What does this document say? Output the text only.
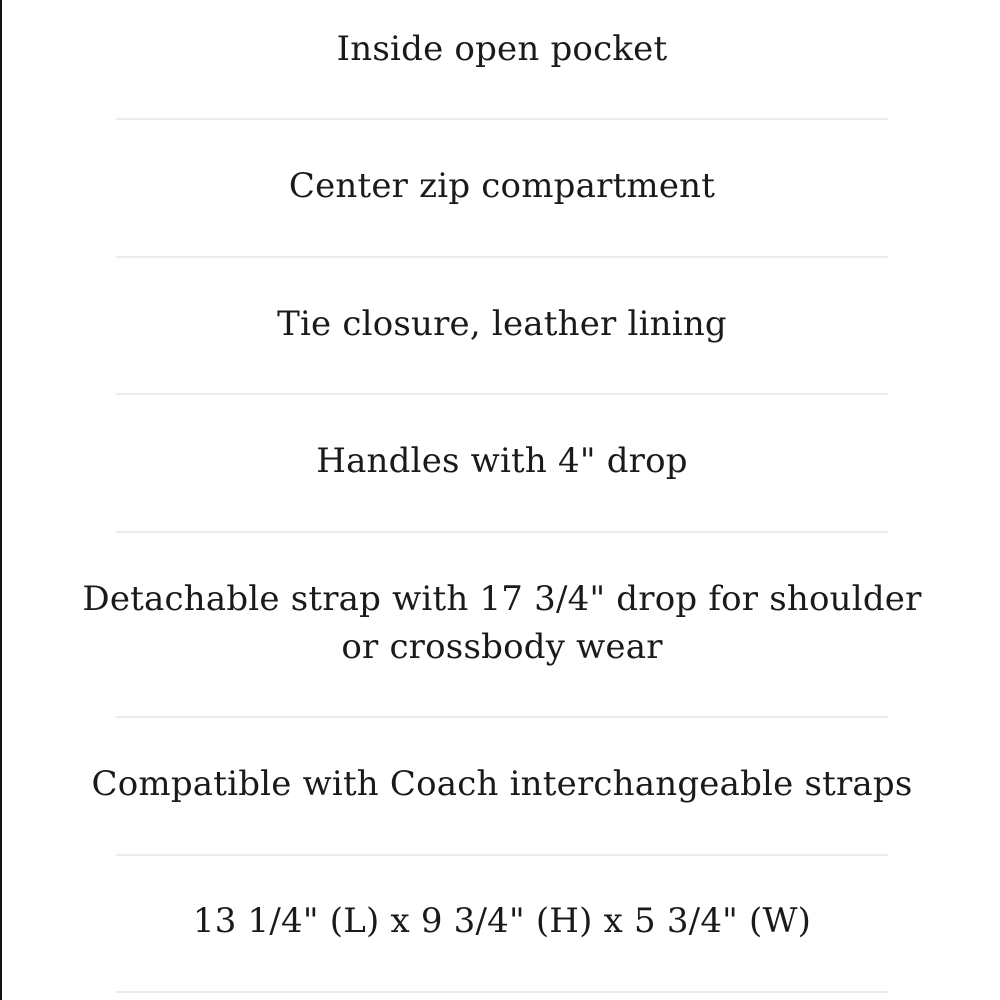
Inside open pocket
Center zip compartment
Tie closure, leather lining
Handles with 4" drop
Detachable strap with 17 3/4" drop for shoulder
or crossbody wear
Compatible with Coach interchangeable straps
13 1/4" (L) x 9 3/4" (H) x 5 3/4" (W)
